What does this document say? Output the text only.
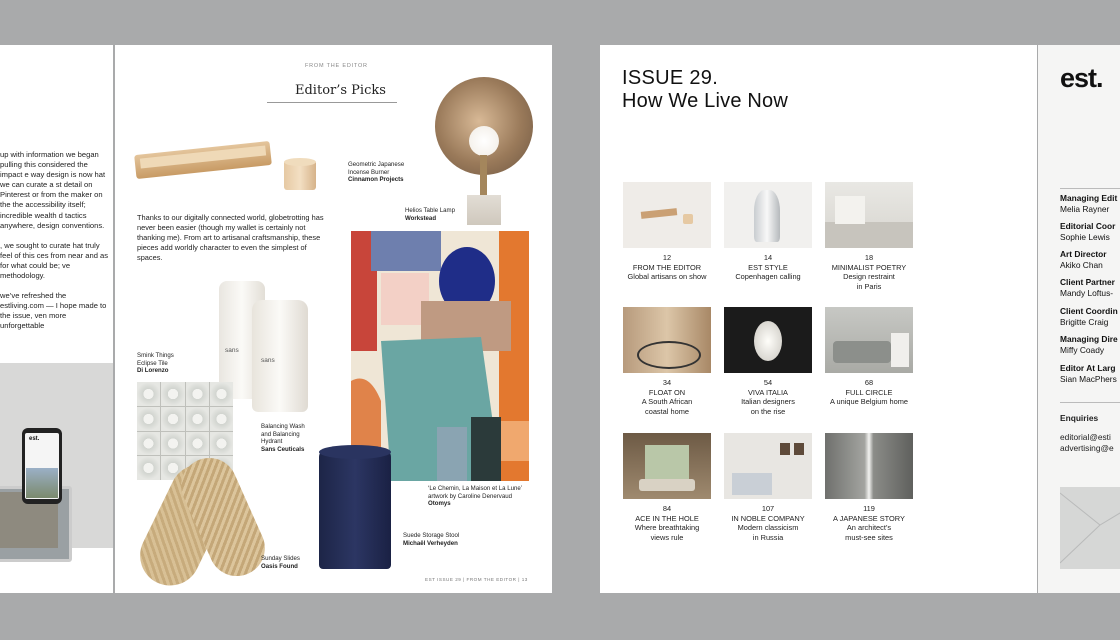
up with information we began pulling this considered the impact e way design is now hat we can curate a st detail on Pinterest or from the maker on the the accessibility itself; incredible wealth d tactics anywhere, design conventions.

, we sought to curate hat truly feel of this ces from near and as for what could be; ve methodology.

we’ve refreshed the estliving.com — I hope made to the issue, ven more unforgettable

est.
FROM THE EDITOR
Editor’s Picks
sans
sans
Thanks to our digitally connected world, globetrotting has never been easier (though my wallet is certainly not thanking me). From art to artisanal craftsmanship, these pieces add worldly character to even the simplest of spaces.
Geometric Japanese
Incense Burner
Cinnamon Projects
Helios Table Lamp
Workstead
Smink Things
Eclipse Tile
Di Lorenzo
Balancing Wash
and Balancing
Hydrant
Sans Ceuticals
‘Le Chemin, La Maison et La Lune’
artwork by Caroline Denervaud
Otomys
Suede Storage Stool
Michaël Verheyden
Sunday Slides
Oasis Found
EST ISSUE 29 | FROM THE EDITOR | 13
ISSUE 29.
How We Live Now
12
FROM THE EDITOR
Global artisans on show
14
EST STYLE
Copenhagen calling
18
MINIMALIST POETRY
Design restraint
in Paris
34
FLOAT ON
A South African
coastal home
54
VIVA ITALIA
Italian designers
on the rise
68
FULL CIRCLE
A unique Belgium home
84
ACE IN THE HOLE
Where breathtaking
views rule
107
IN NOBLE COMPANY
Modern classicism
in Russia
119
A JAPANESE STORY
An architect’s
must-see sites
est.
Managing Edit
Melia Rayner
Editorial Coor
Sophie Lewis
Art Director
Akiko Chan
Client Partner
Mandy Loftus-
Client Coordin
Brigitte Craig
Managing Dire
Miffy Coady
Editor At Larg
Sian MacPhers
Enquiries
editorial@esti
advertising@e
